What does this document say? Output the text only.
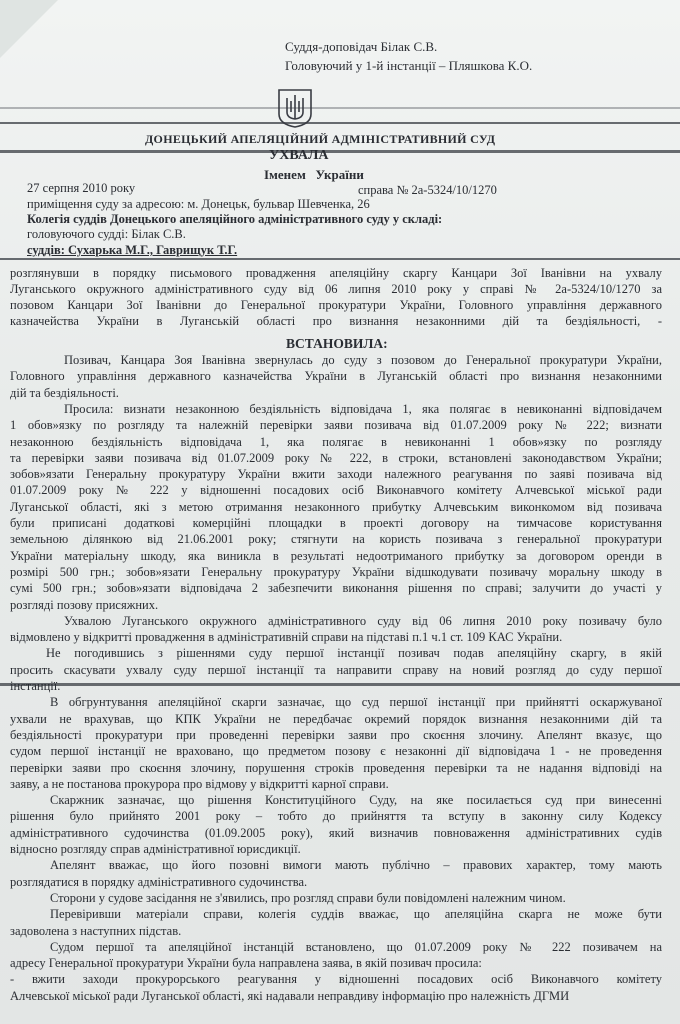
Суддя-доповідач Білак С.В.
Головуючий у 1-й інстанції – Пляшкова К.О.
ДОНЕЦЬКИЙ АПЕЛЯЦІЙНИЙ АДМІНІСТРАТИВНИЙ СУД
УХВАЛА
Іменем   України
27 серпня 2010 року	справа № 2а-5324/10/1270
приміщення суду за адресою: м. Донецьк, бульвар Шевченка, 26
Колегія суддів Донецького апеляційного адміністративного суду у складі:
головуючого судді: Білак С.В.
суддів: Сухарька М.Г., Гаврищук Т.Г.
розглянувши в порядку письмового провадження апеляційну скаргу Канцари Зої Іванівни на ухвалу
Луганського окружного адміністративного суду від 06 липня 2010 року у справі № 2а-5324/10/1270 за
позовом Канцари Зої Іванівни до Генеральної прокуратури України, Головного управління державного
казначейства України в Луганській області про визнання незаконними дій та бездіяльності, -
ВСТАНОВИЛА:
Позивач, Канцара Зоя Іванівна звернулась до суду з позовом до Генеральної прокуратури України,
Головного управління державного казначейства України в Луганській області про визнання незаконними
дій та бездіяльності.
Просила: визнати незаконною бездіяльність відповідача 1, яка полягає в невиконанні відповідачем
1 обов»язку по розгляду та належній перевірки заяви позивача від 01.07.2009 року № 222; визнати
незаконною бездіяльність відповідача 1, яка полягає в невиконанні 1 обов»язку по розгляду
та перевірки заяви позивача від 01.07.2009 року № 222, в строки, встановлені законодавством України;
зобов»язати Генеральну прокуратуру України вжити заходи належного реагування по заяві позивача від
01.07.2009 року № 222 у відношенні посадових осіб Виконавчого комітету Алчевської міської ради
Луганської області, які з метою отримання незаконного прибутку Алчевським виконкомом від позивача
були приписані додаткові комерційні площадки в проекті договору на тимчасове користування
земельною ділянкою від 21.06.2001 року; стягнути на користь позивача з генеральної прокуратури
України матеріальну шкоду, яка виникла в результаті недоотриманого прибутку за договором оренди в
розмірі 500 грн.; зобов»язати Генеральну прокуратуру України відшкодувати позивачу моральну шкоду в
сумі 500 грн.; зобов»язати відповідача 2 забезпечити виконання рішення по справі; залучити до участі у
розгляді позову присяжних.
Ухвалою Луганського окружного адміністративного суду від 06 липня 2010 року позивачу було
відмовлено у відкритті провадження в адміністративній справи на підставі п.1 ч.1 ст. 109 КАС України.
Не погодившись з рішеннями суду першої інстанції позивач подав апеляційну скаргу, в якій
просить скасувати ухвалу суду першої інстанції та направити справу на новий розгляд до суду першої
інстанції.
В обгрунтування апеляційної скарги зазначає, що суд першої інстанції при прийнятті оскаржуваної
ухвали не врахував, що КПК України не передбачає окремий порядок визнання незаконними дій та
бездіяльності прокуратури при проведенні перевірки заяви про скоєння злочину. Апелянт вказує, що
судом першої інстанції не враховано, що предметом позову є незаконні дії відповідача 1 - не проведення
перевірки заяви про скоєння злочину, порушення строків проведення перевірки та не надання відповіді на
заяву, а не постанова прокурора про відмову у відкритті карної справи.
Скаржник зазначає, що рішення Конституційного Суду, на яке посилається суд при винесенні
рішення було прийнято 2001 року – тобто до прийняття та вступу в законну силу Кодексу
адміністративного судочинства (01.09.2005 року), який визначив повноваження адміністративних судів
відносно розгляду справ адміністративної юрисдикції.
Апелянт вважає, що його позовні вимоги мають публічно – правових характер, тому мають
розглядатися в порядку адміністративного судочинства.
Сторони у судове засідання не з'явились, про розгляд справи були повідомлені належним чином.
Перевіривши матеріали справи, колегія суддів вважає, що апеляційна скарга не може бути
задоволена з наступних підстав.
Судом першої та апеляційної інстанцій встановлено, що 01.07.2009 року № 222 позивачем на
адресу Генеральної прокуратури України була направлена заява, в якій позивач просила:
- вжити заходи прокурорського реагування у відношенні посадових осіб Виконавчого комітету
Алчевської міської ради Луганської області, які надавали неправдиву інформацію про належність ДГМИ
